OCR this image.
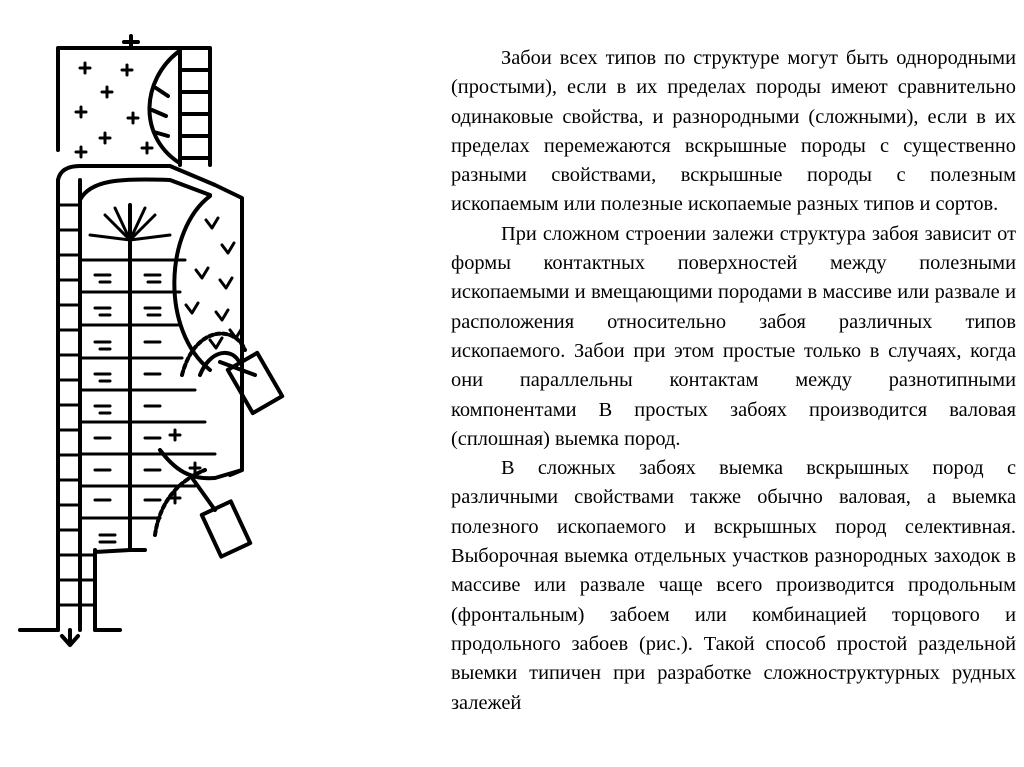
Забои всех типов по структуре могут быть однородными (простыми), если в их пределах породы имеют сравнительно одинаковые свойства, и разнородными (сложными), если в их пределах перемежаются вскрышные породы с существенно разными свойствами, вскрышные породы с полезным ископаемым или полезные ископаемые разных типов и сортов.

При сложном строении залежи структура забоя зависит от формы контактных поверхностей между полезными ископаемыми и вмещающими породами в массиве или развале и расположения относительно забоя различных типов ископаемого. Забои при этом простые только в случаях, когда они параллельны контактам между разнотипными компонентами В простых забоях производится валовая (сплошная) выемка пород.

В сложных забоях выемка вскрышных пород с различными свойствами также обычно валовая, а выемка полезного ископаемого и вскрышных пород селективная. Выборочная выемка отдельных участков разнородных заходок в массиве или развале чаще всего производится продольным (фронтальным) забоем или комбинацией торцового и продольного забоев (рис.). Такой способ простой раздельной выемки типичен при разработке сложноструктурных рудных залежей
